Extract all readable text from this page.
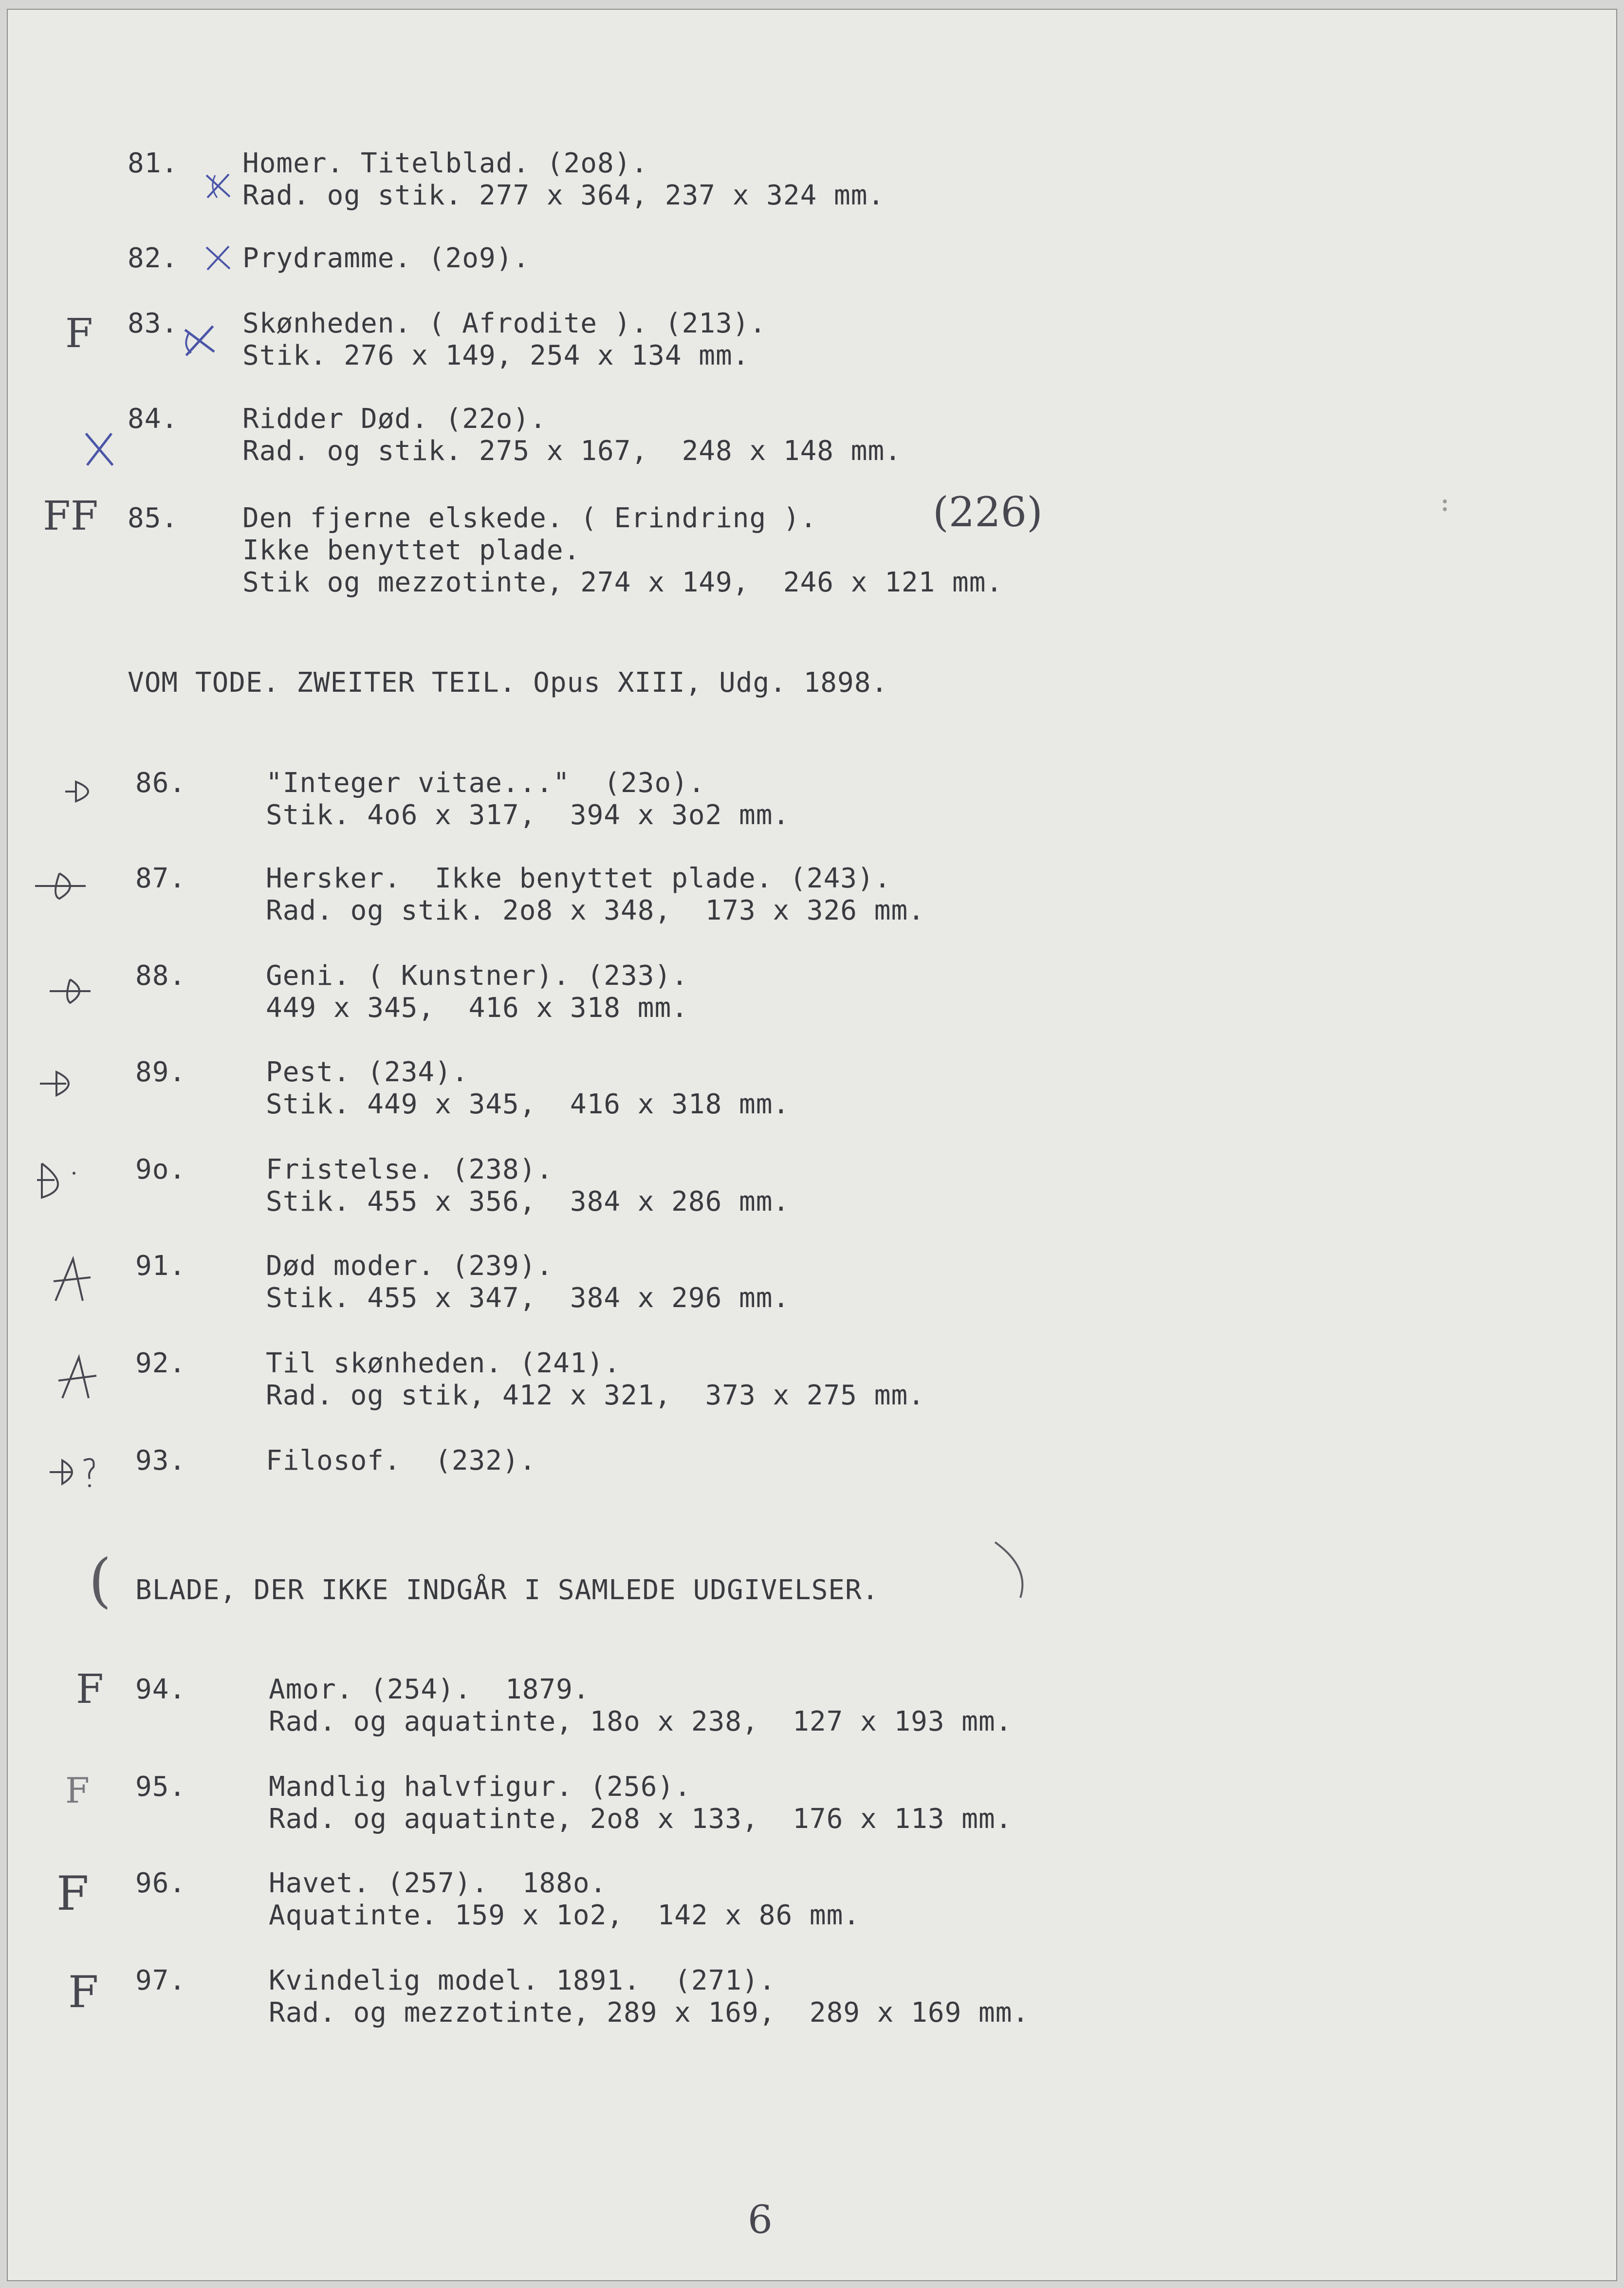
81. Homer. Titelblad. (2o8).
Rad. og stik. 277 x 364, 237 x 324 mm.
82. Prydramme. (2o9).
F 83. Skønheden. ( Afrodite ). (213).
Stik. 276 x 149, 254 x 134 mm.
84. Ridder Død. (22o).
Rad. og stik. 275 x 167,  248 x 148 mm.
FF 85. Den fjerne elskede. ( Erindring ).	(226)
Ikke benyttet plade.
Stik og mezzotinte, 274 x 149,  246 x 121 mm.
VOM TODE. ZWEITER TEIL. Opus XIII, Udg. 1898.
86.	"Integer vitae..."  (23o).
Stik. 4o6 x 317,  394 x 3o2 mm.
87.	Hersker.  Ikke benyttet plade. (243).
Rad. og stik. 2o8 x 348,  173 x 326 mm.
88.	Geni. ( Kunstner). (233).
449 x 345,  416 x 318 mm.
89.	Pest. (234).
Stik. 449 x 345,  416 x 318 mm.
9o.	Fristelse. (238).
Stik. 455 x 356,  384 x 286 mm.
91.	Død moder. (239).
Stik. 455 x 347,  384 x 296 mm.
92.	Til skønheden. (241).
Rad. og stik, 412 x 321,  373 x 275 mm.
93.	Filosof.  (232).
( BLADE, DER IKKE INDGÅR I SAMLEDE UDGIVELSER.
F 94.	Amor. (254).  1879.
Rad. og aquatinte, 18o x 238,  127 x 193 mm.
F 95.	Mandlig halvfigur. (256).
Rad. og aquatinte, 2o8 x 133,  176 x 113 mm.
F 96.	Havet. (257).  188o.
Aquatinte. 159 x 1o2,  142 x 86 mm.
F 97.	Kvindelig model. 1891.  (271).
Rad. og mezzotinte, 289 x 169,  289 x 169 mm.
6
